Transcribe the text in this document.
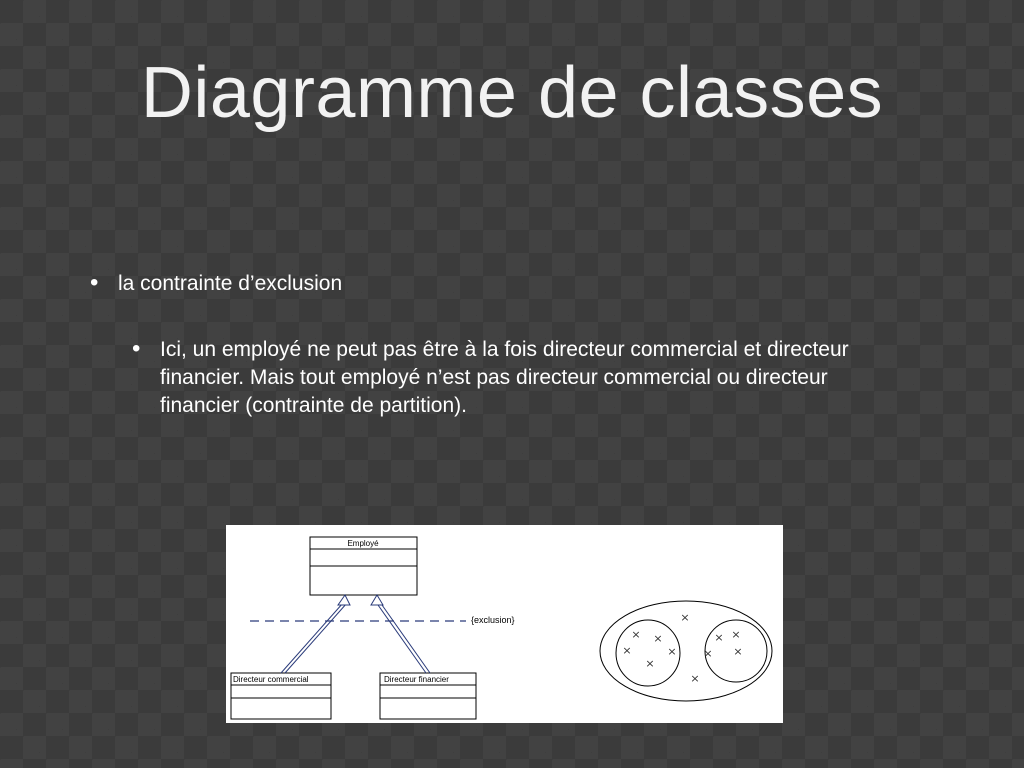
Diagramme de classes
• la contrainte d’exclusion
• Ici, un employé ne peut pas être à la fois directeur commercial et directeur financier. Mais tout employé n’est pas directeur commercial ou directeur financier (contrainte de partition).
Employé
Directeur commercial	Directeur financier
{exclusion}	×
× ×
×	×
×
× ×
× ×
×
